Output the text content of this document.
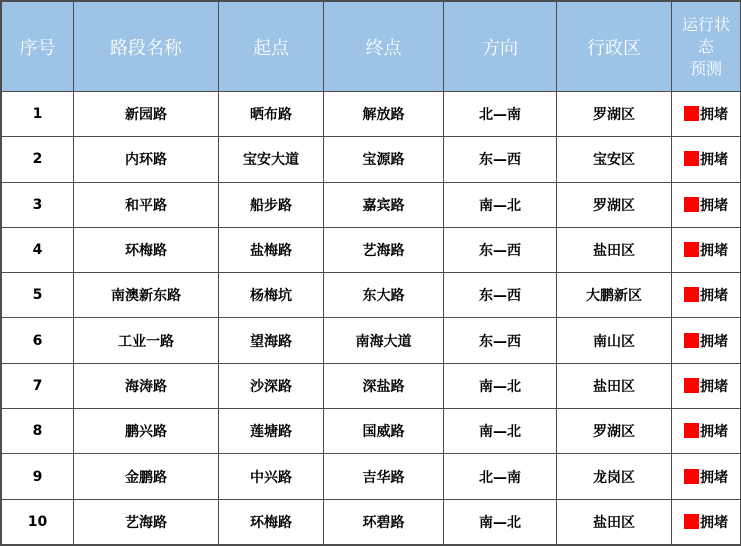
序号	路段名称	起点	终点	方向	行政区	运行状
态
预测
1	新园路	晒布路	解放路	北—南	罗湖区	拥堵
2	内环路	宝安大道	宝源路	东—西	宝安区	拥堵
3	和平路	船步路	嘉宾路	南—北	罗湖区	拥堵
4	环梅路	盐梅路	艺海路	东—西	盐田区	拥堵
5	南澳新东路	杨梅坑	东大路	东—西	大鹏新区	拥堵
6	工业一路	望海路	南海大道	东—西	南山区	拥堵
7	海涛路	沙深路	深盐路	南—北	盐田区	拥堵
8	鹏兴路	莲塘路	国威路	南—北	罗湖区	拥堵
9	金鹏路	中兴路	吉华路	北—南	龙岗区	拥堵
10	艺海路	环梅路	环碧路	南—北	盐田区	拥堵
